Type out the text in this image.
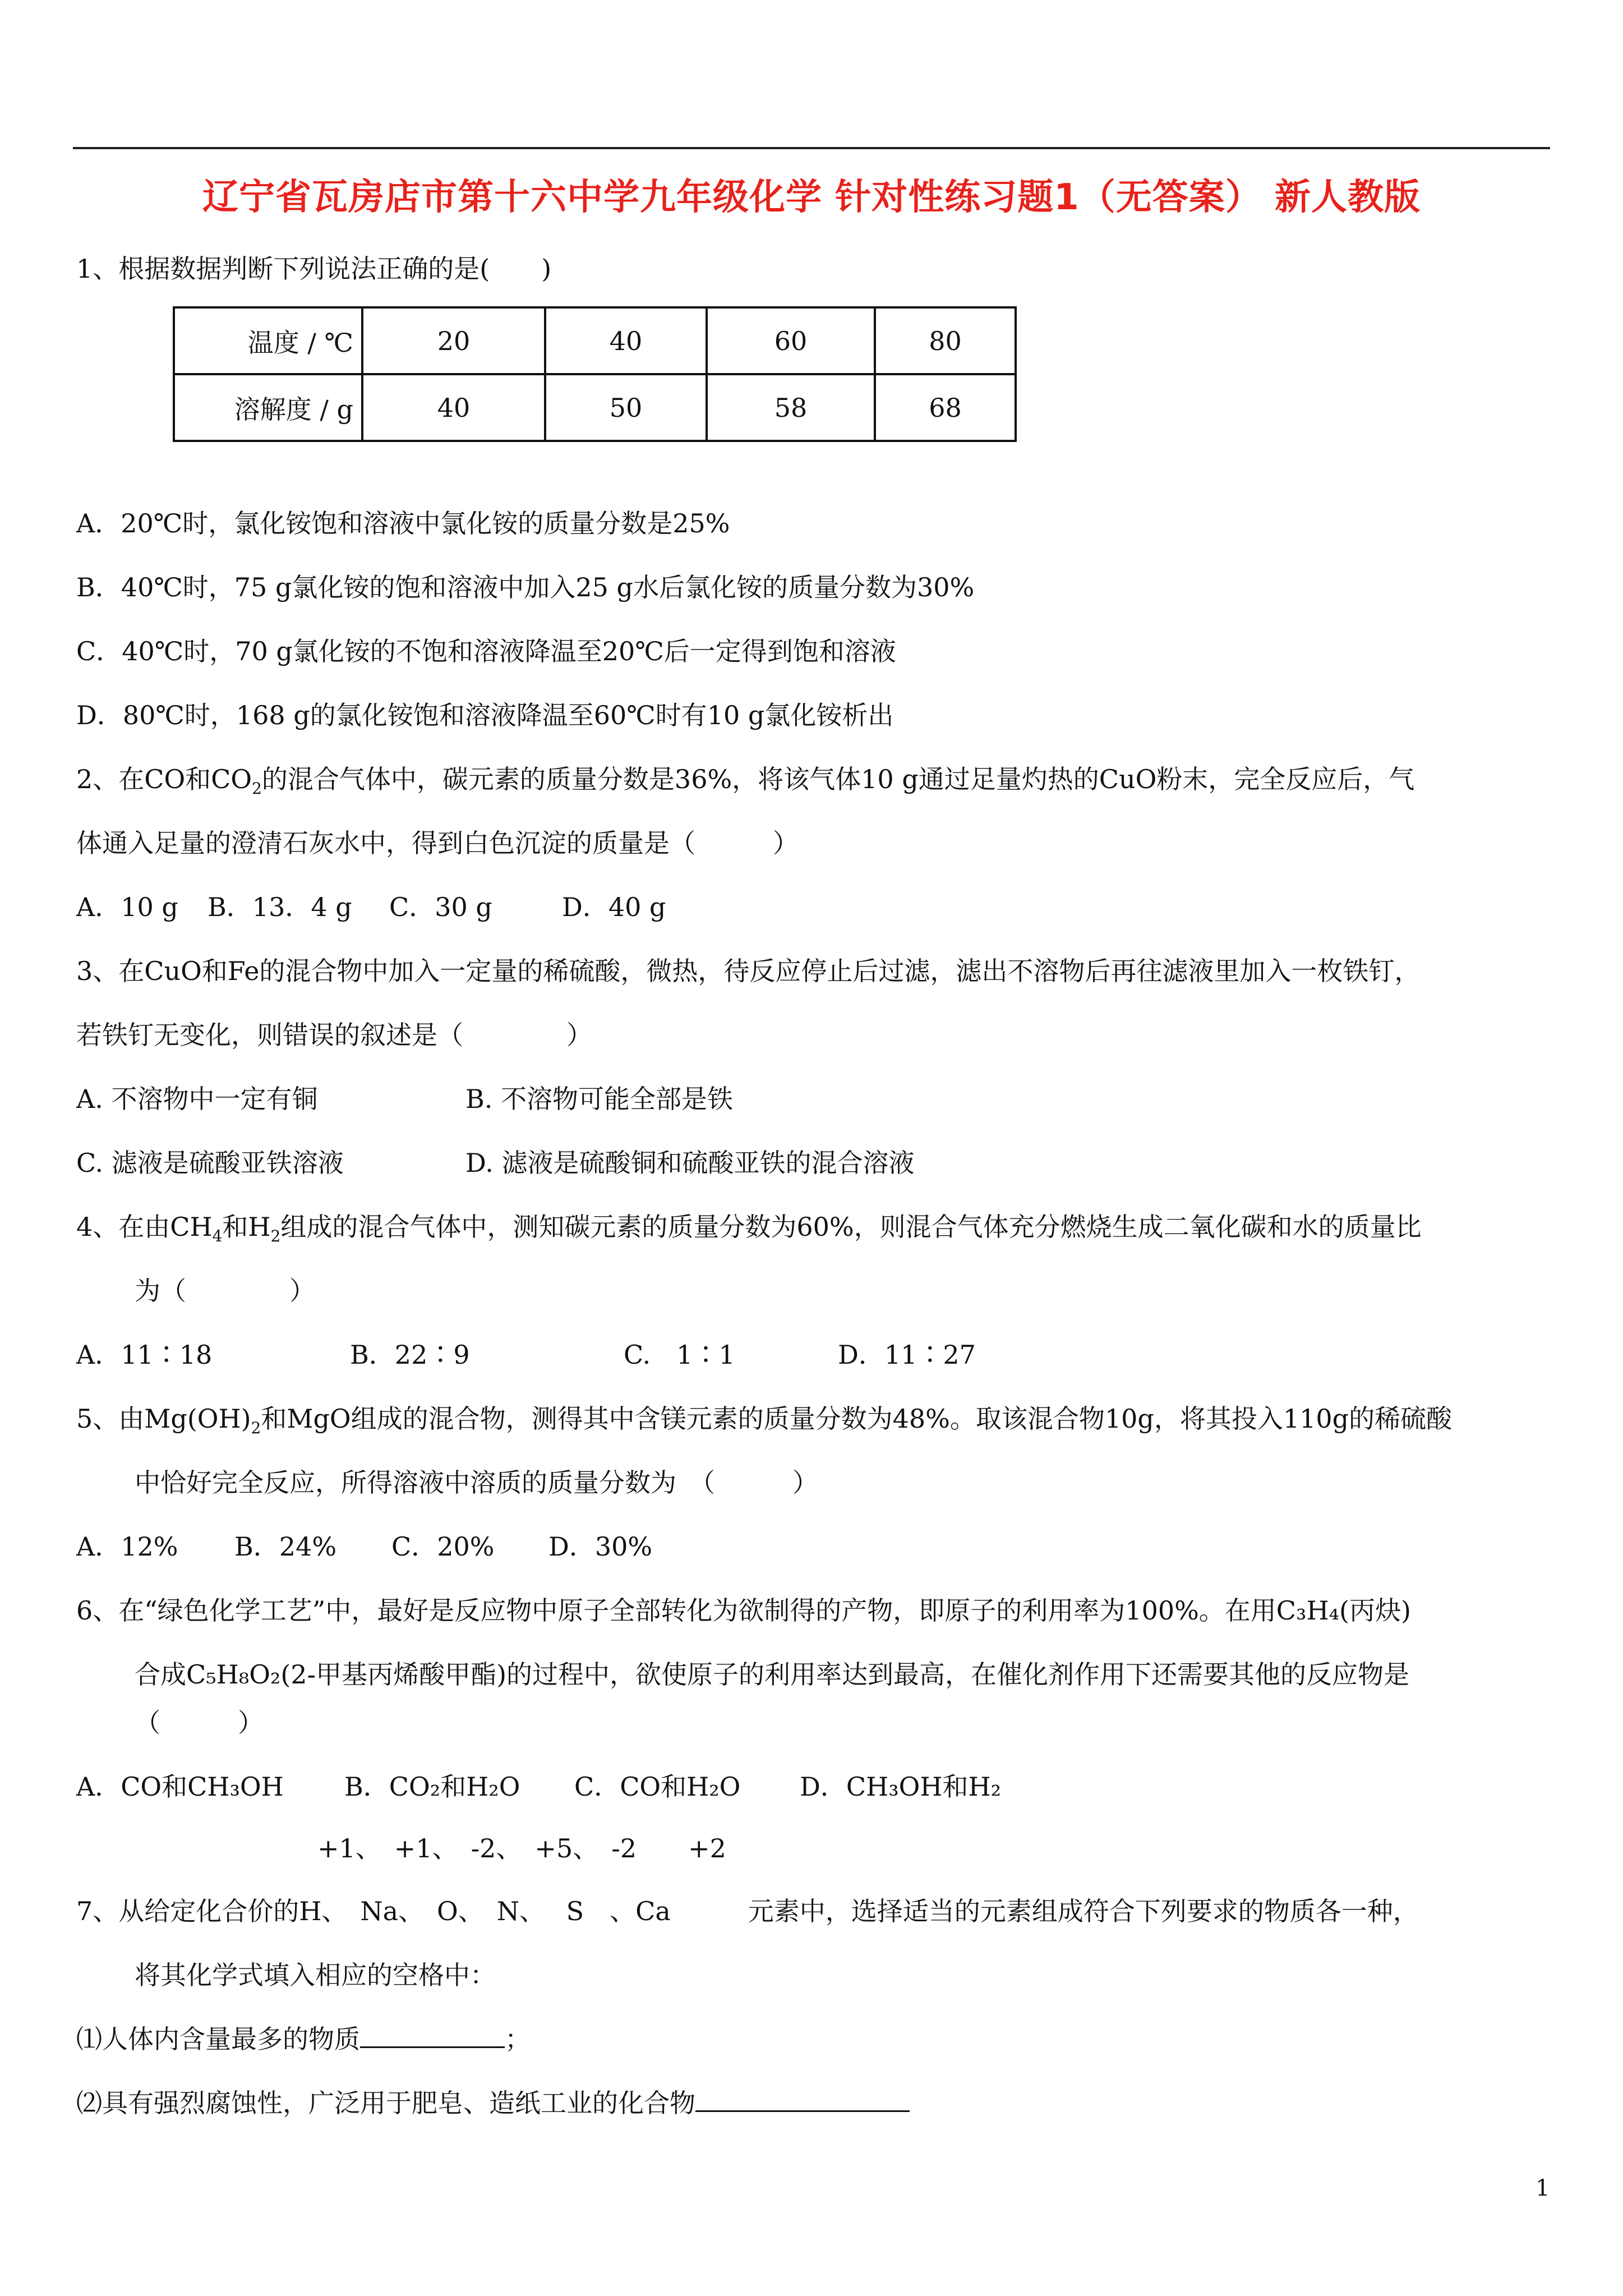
辽宁省瓦房店市第十六中学九年级化学 针对性练习题1（无答案） 新人教版
1、根据数据判断下列说法正确的是(　　)
温度 / ℃	20	40	60	80
溶解度 / g	40	50	58	68
A．20℃时，氯化铵饱和溶液中氯化铵的质量分数是25%
B．40℃时，75 g氯化铵的饱和溶液中加入25 g水后氯化铵的质量分数为30%
C．40℃时，70 g氯化铵的不饱和溶液降温至20℃后一定得到饱和溶液
D．80℃时，168 g的氯化铵饱和溶液降温至60℃时有10 g氯化铵析出
2、在CO和$CO_2$的混合气体中，碳元素的质量分数是36%，将该气体10 g通过足量灼热的CuO粉末，完全反应后，气
体通入足量的澄清石灰水中，得到白色沉淀的质量是（　　　）
A．10 g B．13．4 g C．30 g	D．40 g
3、在CuO和Fe的混合物中加入一定量的稀硫酸，微热，待反应停止后过滤，滤出不溶物后再往滤液里加入一枚铁钉，
若铁钉无变化，则错误的叙述是（　　　　）
A. 不溶物中一定有铜	B. 不溶物可能全部是铁
C. 滤液是硫酸亚铁溶液	D. 滤液是硫酸铜和硫酸亚铁的混合溶液
4、在由$CH_4$和$H_2$组成的混合气体中，测知碳元素的质量分数为60%，则混合气体充分燃烧生成二氧化碳和水的质量比
为（　　　　）
A．11∶18	B．22∶9	C.　1∶1	D．11∶27
5、由$Mg(OH)_2$和MgO组成的混合物，测得其中含镁元素的质量分数为48%。取该混合物10g，将其投入110g的稀硫酸
中恰好完全反应，所得溶液中溶质的质量分数为　（　　　）
A．12% B．24% C．20% D．30%
6、在“绿色化学工艺”中，最好是反应物中原子全部转化为欲制得的产物，即原子的利用率为100%。在用C₃H₄(丙炔)
合成C₅H₈O₂(2-甲基丙烯酸甲酯)的过程中，欲使原子的利用率达到最高，在催化剂作用下还需要其他的反应物是
（　　　）
A．CO和CH₃OH B．CO₂和H₂O C．CO和H₂O D．CH₃OH和H₂
+1、　+1、　-2、　+5、　-2　　+2
7、从给定化合价的H、　Na、　O、　N、　 S　、Ca　　　元素中，选择适当的元素组成符合下列要求的物质各一种，
将其化学式填入相应的空格中：
⑴人体内含量最多的物质	；
⑵具有强烈腐蚀性，广泛用于肥皂、造纸工业的化合物
1
